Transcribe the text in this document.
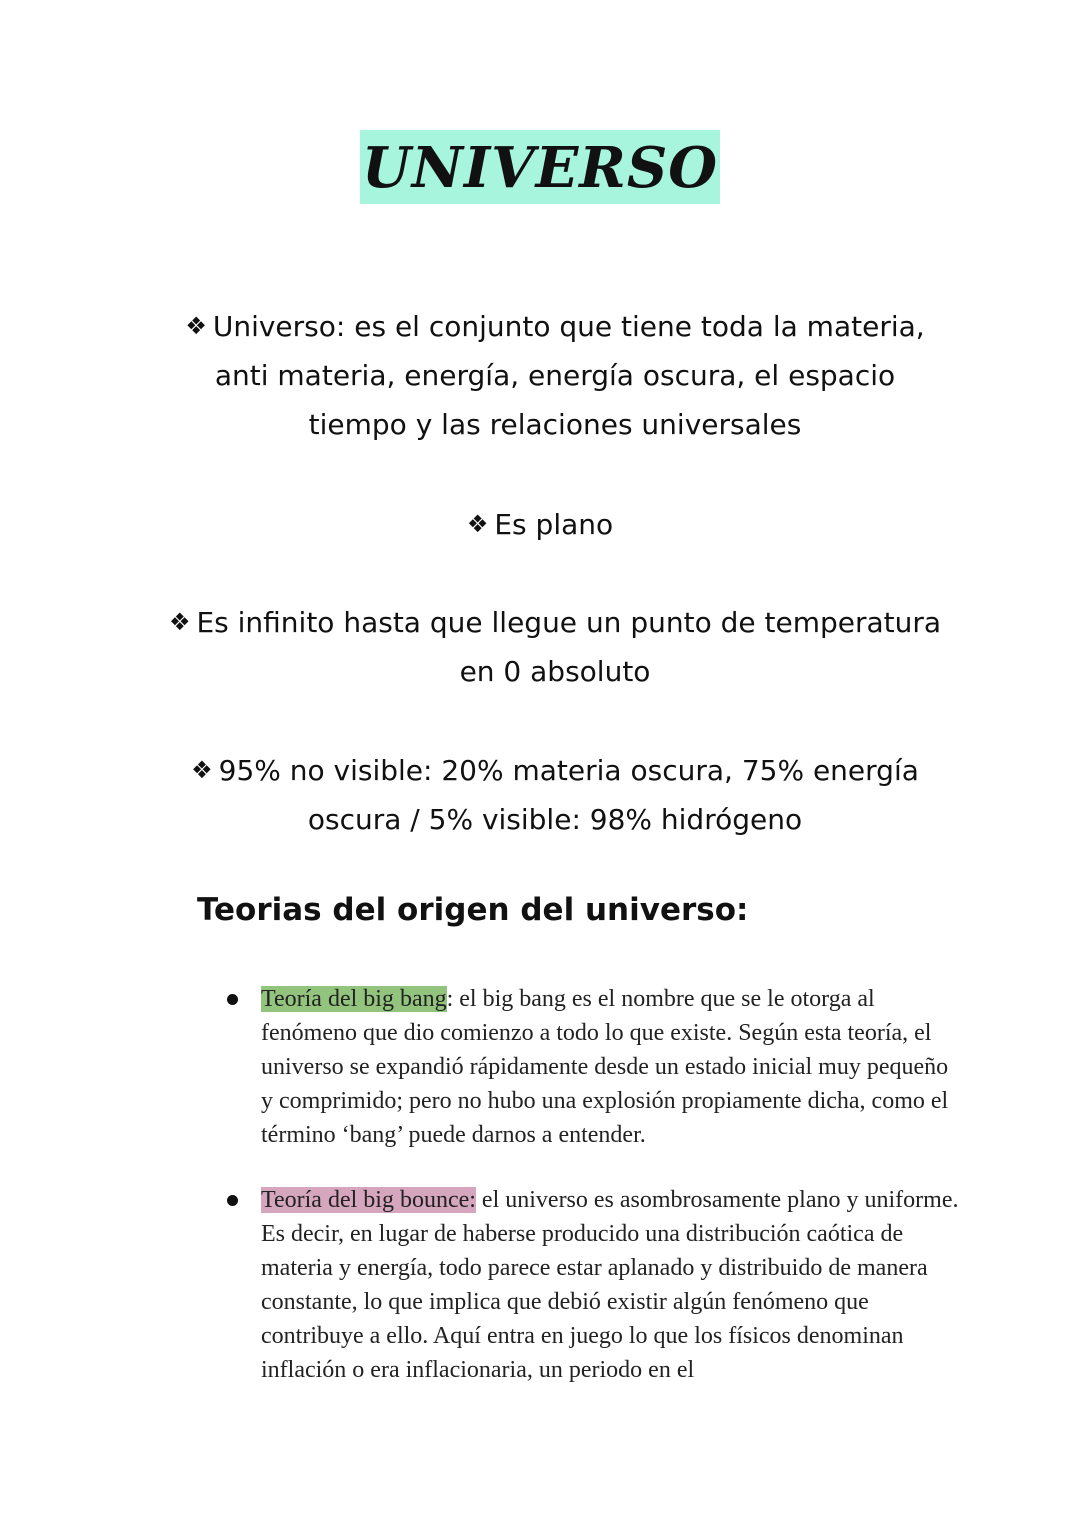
UNIVERSO
❖ Universo: es el conjunto que tiene toda la materia, anti materia, energía, energía oscura, el espacio tiempo y las relaciones universales
❖ Es plano
❖ Es infinito hasta que llegue un punto de temperatura en 0 absoluto
❖ 95% no visible: 20% materia oscura, 75% energía oscura / 5% visible: 98% hidrógeno
Teorias del origen del universo:
Teoría del big bang: el big bang es el nombre que se le otorga al fenómeno que dio comienzo a todo lo que existe. Según esta teoría, el universo se expandió rápidamente desde un estado inicial muy pequeño y comprimido; pero no hubo una explosión propiamente dicha, como el término ‘bang’ puede darnos a entender.
Teoría del big bounce: el universo es asombrosamente plano y uniforme. Es decir, en lugar de haberse producido una distribución caótica de materia y energía, todo parece estar aplanado y distribuido de manera constante, lo que implica que debió existir algún fenómeno que contribuye a ello. Aquí entra en juego lo que los físicos denominan inflación o era inflacionaria, un periodo en el
